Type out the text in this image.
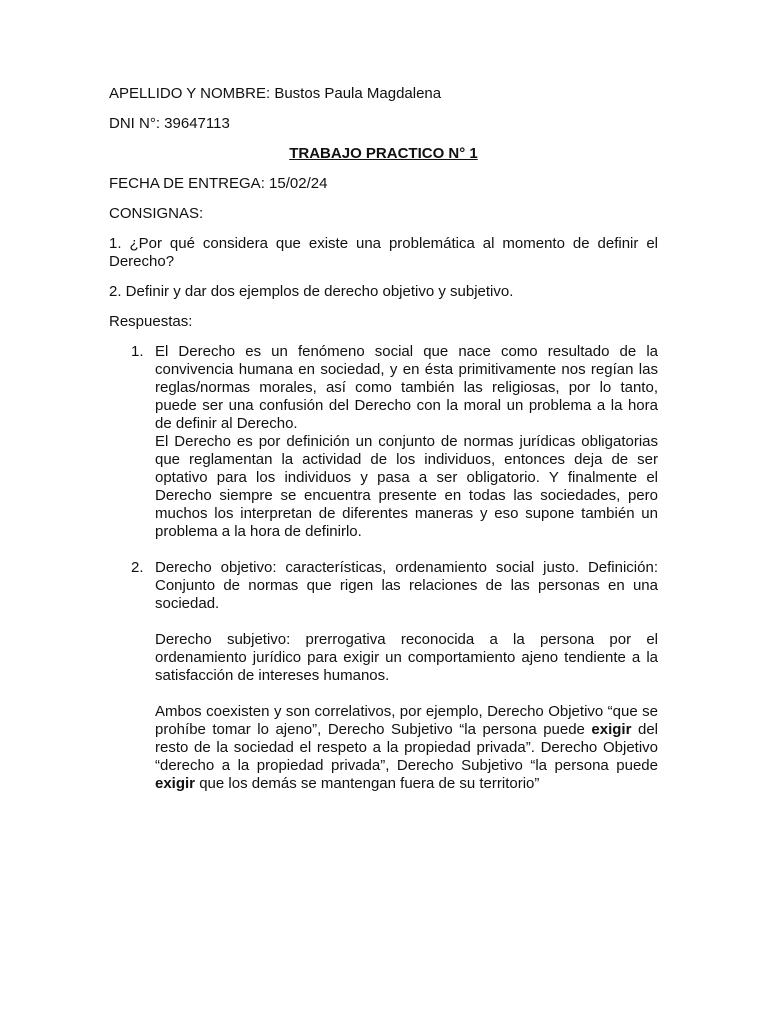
APELLIDO Y NOMBRE: Bustos Paula Magdalena

DNI N°: 39647113

TRABAJO PRACTICO N° 1

FECHA DE ENTREGA: 15/02/24

CONSIGNAS:

1. ¿Por qué considera que existe una problemática al momento de definir el Derecho?

2. Definir y dar dos ejemplos de derecho objetivo y subjetivo.

Respuestas:

1. El Derecho es un fenómeno social que nace como resultado de la convivencia humana en sociedad, y en ésta primitivamente nos regían las reglas/normas morales, así como también las religiosas, por lo tanto, puede ser una confusión del Derecho con la moral un problema a la hora de definir al Derecho.

El Derecho es por definición un conjunto de normas jurídicas obligatorias que reglamentan la actividad de los individuos, entonces deja de ser optativo para los individuos y pasa a ser obligatorio. Y finalmente el Derecho siempre se encuentra presente en todas las sociedades, pero muchos los interpretan de diferentes maneras y eso supone también un problema a la hora de definirlo.

2. Derecho objetivo: características, ordenamiento social justo. Definición: Conjunto de normas que rigen las relaciones de las personas en una sociedad.

Derecho subjetivo: prerrogativa reconocida a la persona por el ordenamiento jurídico para exigir un comportamiento ajeno tendiente a la satisfacción de intereses humanos.

Ambos coexisten y son correlativos, por ejemplo, Derecho Objetivo “que se prohíbe tomar lo ajeno”, Derecho Subjetivo “la persona puede exigir del resto de la sociedad el respeto a la propiedad privada”. Derecho Objetivo “derecho a la propiedad privada”, Derecho Subjetivo “la persona puede exigir que los demás se mantengan fuera de su territorio”
